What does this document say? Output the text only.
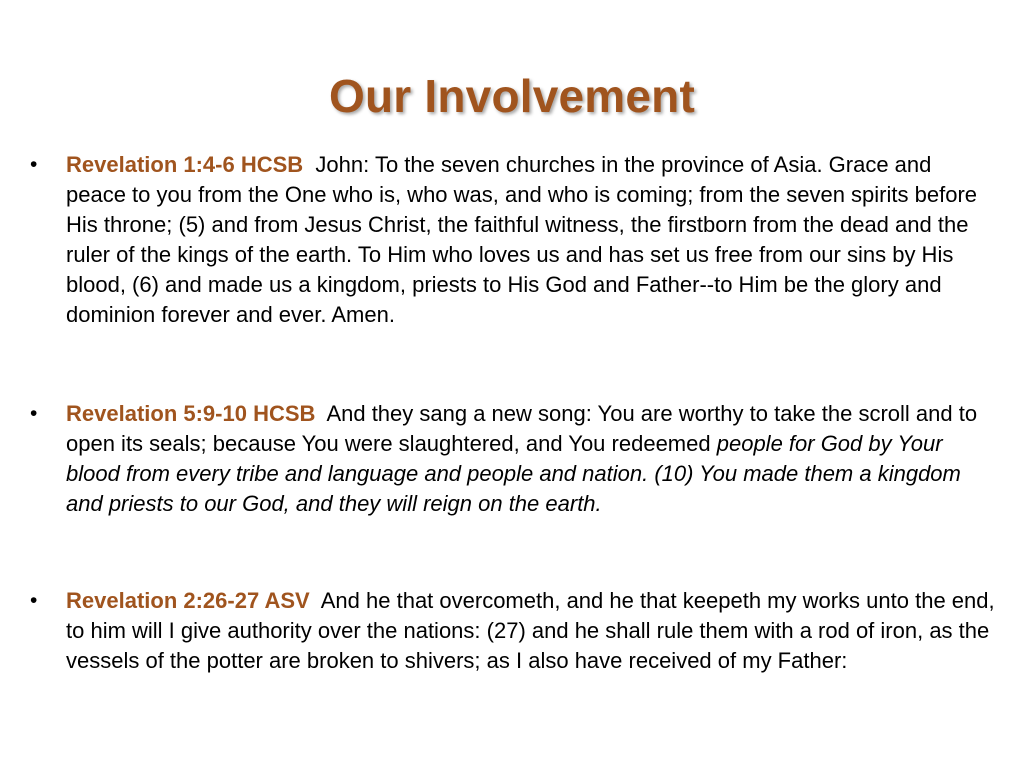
Our Involvement
•	Revelation 1:4-6 HCSB John: To the seven churches in the province of Asia. Grace and peace to you from the One who is, who was, and who is coming; from the seven spirits before His throne; (5) and from Jesus Christ, the faithful witness, the firstborn from the dead and the ruler of the kings of the earth. To Him who loves us and has set us free from our sins by His blood, (6) and made us a kingdom, priests to His God and Father--to Him be the glory and dominion forever and ever. Amen.
•	Revelation 5:9-10 HCSB And they sang a new song: You are worthy to take the scroll and to open its seals; because You were slaughtered, and You redeemed people for God by Your blood from every tribe and language and people and nation. (10) You made them a kingdom and priests to our God, and they will reign on the earth.
•	Revelation 2:26-27 ASV And he that overcometh, and he that keepeth my works unto the end, to him will I give authority over the nations: (27) and he shall rule them with a rod of iron, as the vessels of the potter are broken to shivers; as I also have received of my Father:
